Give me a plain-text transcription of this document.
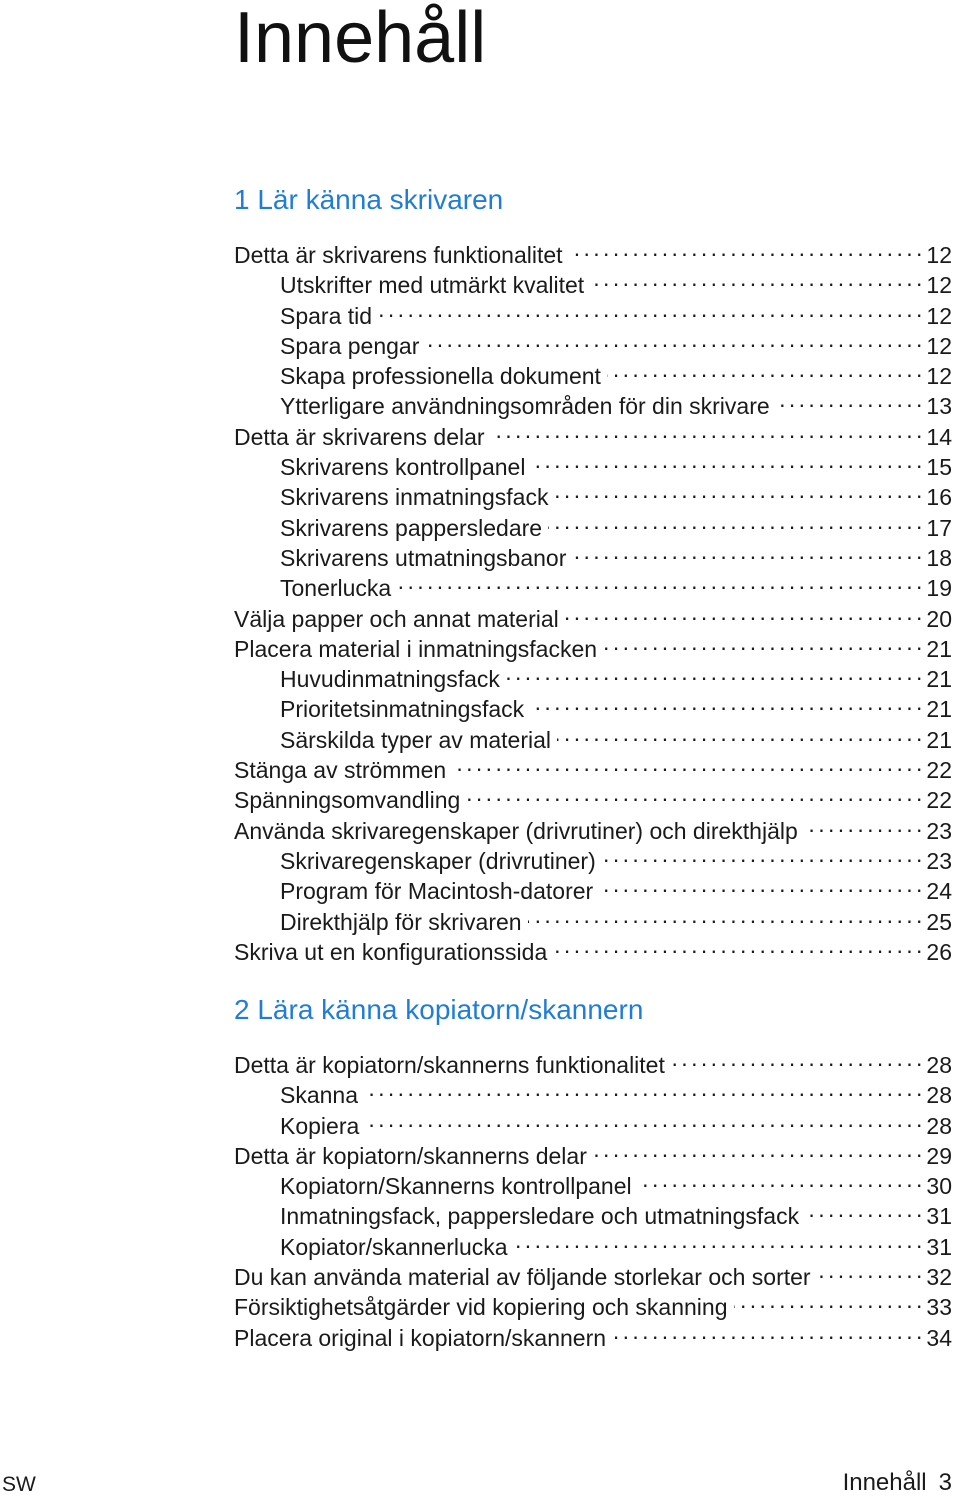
Innehåll
1 Lär känna skrivaren
Detta är skrivarens funktionalitet . . .	12
Utskrifter med utmärkt kvalitet . . .	12
Spara tid . . .	12
Spara pengar . . .	12
Skapa professionella dokument . . .	12
Ytterligare användningsområden för din skrivare . . .	13
Detta är skrivarens delar . . .	14
Skrivarens kontrollpanel . . .	15
Skrivarens inmatningsfack . . .	16
Skrivarens pappersledare . . .	17
Skrivarens utmatningsbanor . . .	18
Tonerlucka . . .	19
Välja papper och annat material . . .	20
Placera material i inmatningsfacken . . .	21
Huvudinmatningsfack . . .	21
Prioritetsinmatningsfack . . .	21
Särskilda typer av material . . .	21
Stänga av strömmen . . .	22
Spänningsomvandling . . .	22
Använda skrivaregenskaper (drivrutiner) och direkthjälp . . .	23
Skrivaregenskaper (drivrutiner) . . .	23
Program för Macintosh-datorer . . .	24
Direkthjälp för skrivaren . . .	25
Skriva ut en konfigurationssida . . .	26
2 Lära känna kopiatorn/skannern
Detta är kopiatorn/skannerns funktionalitet . . .	28
Skanna . . .	28
Kopiera . . .	28
Detta är kopiatorn/skannerns delar . . .	29
Kopiatorn/Skannerns kontrollpanel . . .	30
Inmatningsfack, pappersledare och utmatningsfack . . .	31
Kopiator/skannerlucka . . .	31
Du kan använda material av följande storlekar och sorter . . .	32
Försiktighetsåtgärder vid kopiering och skanning . . .	33
Placera original i kopiatorn/skannern . . .	34
SW	Innehåll 3
